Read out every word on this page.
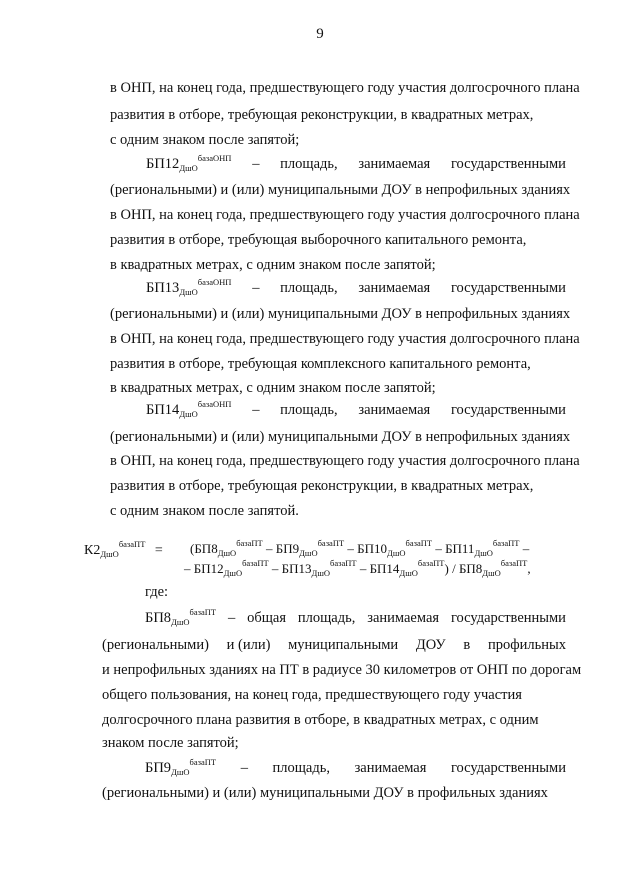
9
в ОНП, на конец года, предшествующего году участия долгосрочного плана
развития в отборе, требующая реконструкции, в квадратных метрах,
с одним знаком после запятой;
$БП12_{ДшО}^{базаОНП}$ – площадь, занимаемая государственными
(региональными) и (или) муниципальными ДОУ в непрофильных зданиях
в ОНП, на конец года, предшествующего году участия долгосрочного плана
развития в отборе, требующая выборочного капитального ремонта,
в квадратных метрах, с одним знаком после запятой;
$БП13_{ДшО}^{базаОНП}$ – площадь, занимаемая государственными
(региональными) и (или) муниципальными ДОУ в непрофильных зданиях
в ОНП, на конец года, предшествующего году участия долгосрочного плана
развития в отборе, требующая комплексного капитального ремонта,
в квадратных метрах, с одним знаком после запятой;
$БП14_{ДшО}^{базаОНП}$ – площадь, занимаемая государственными
(региональными) и (или) муниципальными ДОУ в непрофильных зданиях
в ОНП, на конец года, предшествующего году участия долгосрочного плана
развития в отборе, требующая реконструкции, в квадратных метрах,
с одним знаком после запятой.
$К2_{ДшО}^{базаПТ} = (БП8_{ДшО}^{базаПТ} - БП9_{ДшО}^{базаПТ} - БП10_{ДшО}^{базаПТ} - БП11_{ДшО}^{базаПТ}$ –
– $БП12_{ДшО}^{базаПТ} - БП13_{ДшО}^{базаПТ} - БП14_{ДшО}^{базаПТ}) / БП8_{ДшО}^{базаПТ}$,
где:
$БП8_{ДшО}^{базаПТ}$ – общая площадь, занимаемая государственными
(региональными) и (или) муниципальными ДОУ в профильных
и непрофильных зданиях на ПТ в радиусе 30 километров от ОНП по дорогам
общего пользования, на конец года, предшествующего году участия
долгосрочного плана развития в отборе, в квадратных метрах, с одним
знаком после запятой;
$БП9_{ДшО}^{базаПТ}$ – площадь, занимаемая государственными
(региональными) и (или) муниципальными ДОУ в профильных зданиях
